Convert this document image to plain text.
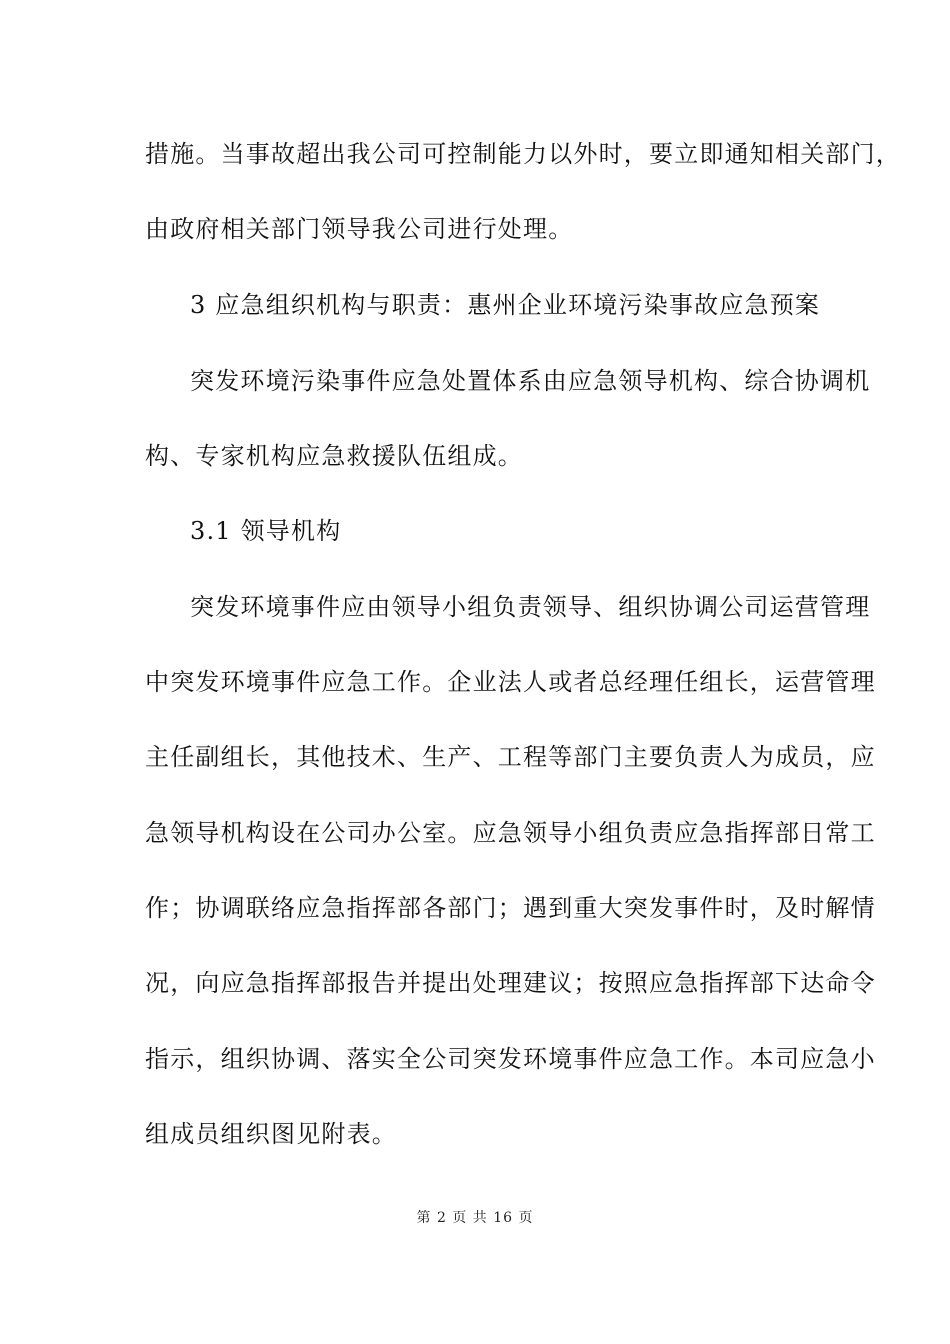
措施。当事故超出我公司可控制能力以外时，要立即通知相关部门，
由政府相关部门领导我公司进行处理。
3 应急组织机构与职责：惠州企业环境污染事故应急预案
突发环境污染事件应急处置体系由应急领导机构、综合协调机
构、专家机构应急救援队伍组成。
3.1 领导机构
突发环境事件应由领导小组负责领导、组织协调公司运营管理
中突发环境事件应急工作。企业法人或者总经理任组长，运营管理
主任副组长，其他技术、生产、工程等部门主要负责人为成员，应
急领导机构设在公司办公室。应急领导小组负责应急指挥部日常工
作；协调联络应急指挥部各部门；遇到重大突发事件时，及时解情
况，向应急指挥部报告并提出处理建议；按照应急指挥部下达命令
指示，组织协调、落实全公司突发环境事件应急工作。本司应急小
组成员组织图见附表。
第 2 页 共 16 页
